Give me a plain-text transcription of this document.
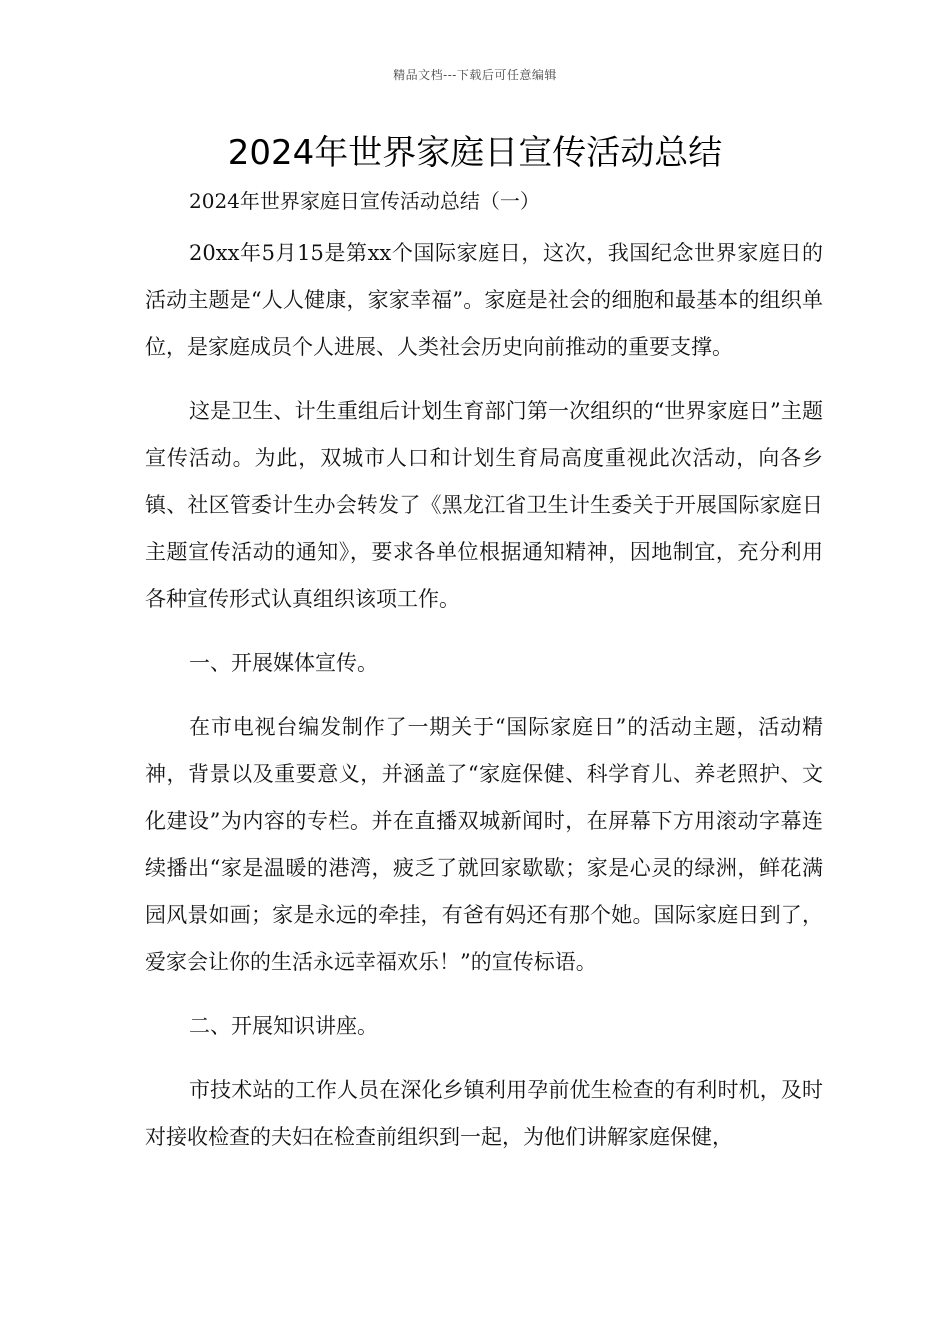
精品文档---下载后可任意编辑
2024年世界家庭日宣传活动总结
2024年世界家庭日宣传活动总结（一）

20xx年5月15是第xx个国际家庭日，这次，我国纪念世界家庭日的活动主题是“人人健康，家家幸福”。家庭是社会的细胞和最基本的组织单位，是家庭成员个人进展、人类社会历史向前推动的重要支撑。

这是卫生、计生重组后计划生育部门第一次组织的“世界家庭日”主题宣传活动。为此，双城市人口和计划生育局高度重视此次活动，向各乡镇、社区管委计生办会转发了《黑龙江省卫生计生委关于开展国际家庭日主题宣传活动的通知》，要求各单位根据通知精神，因地制宜，充分利用各种宣传形式认真组织该项工作。

一、开展媒体宣传。

在市电视台编发制作了一期关于“国际家庭日”的活动主题，活动精神，背景以及重要意义，并涵盖了“家庭保健、科学育儿、养老照护、文化建设”为内容的专栏。并在直播双城新闻时，在屏幕下方用滚动字幕连续播出“家是温暖的港湾，疲乏了就回家歇歇；家是心灵的绿洲，鲜花满园风景如画；家是永远的牵挂，有爸有妈还有那个她。国际家庭日到了，爱家会让你的生活永远幸福欢乐！”的宣传标语。

二、开展知识讲座。

市技术站的工作人员在深化乡镇利用孕前优生检查的有利时机，及时对接收检查的夫妇在检查前组织到一起，为他们讲解家庭保健，
